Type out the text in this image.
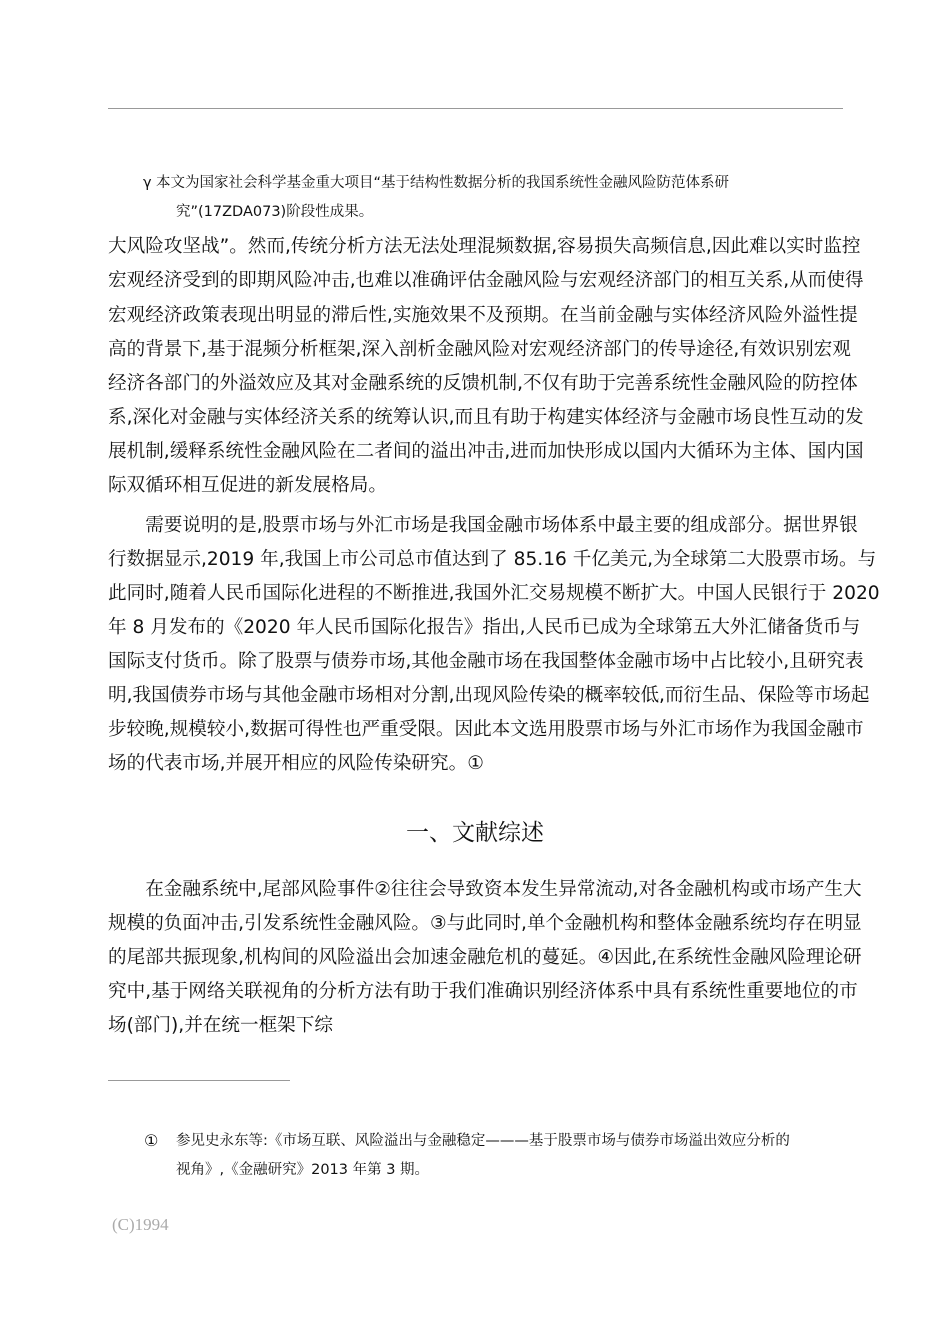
γ 本文为国家社会科学基金重大项目“基于结构性数据分析的我国系统性金融风险防范体系研
究”(17ZDA073)阶段性成果。
大风险攻坚战”。然而,传统分析方法无法处理混频数据,容易损失高频信息,因此难以实时监控
宏观经济受到的即期风险冲击,也难以准确评估金融风险与宏观经济部门的相互关系,从而使得
宏观经济政策表现出明显的滞后性,实施效果不及预期。在当前金融与实体经济风险外溢性提
高的背景下,基于混频分析框架,深入剖析金融风险对宏观经济部门的传导途径,有效识别宏观
经济各部门的外溢效应及其对金融系统的反馈机制,不仅有助于完善系统性金融风险的防控体
系,深化对金融与实体经济关系的统筹认识,而且有助于构建实体经济与金融市场良性互动的发
展机制,缓释系统性金融风险在二者间的溢出冲击,进而加快形成以国内大循环为主体、国内国
际双循环相互促进的新发展格局。
　　需要说明的是,股票市场与外汇市场是我国金融市场体系中最主要的组成部分。据世界银
行数据显示,2019 年,我国上市公司总市值达到了 85.16 千亿美元,为全球第二大股票市场。与
此同时,随着人民币国际化进程的不断推进,我国外汇交易规模不断扩大。中国人民银行于 2020
年 8 月发布的《2020 年人民币国际化报告》指出,人民币已成为全球第五大外汇储备货币与
国际支付货币。除了股票与债券市场,其他金融市场在我国整体金融市场中占比较小,且研究表
明,我国债券市场与其他金融市场相对分割,出现风险传染的概率较低,而衍生品、保险等市场起
步较晚,规模较小,数据可得性也严重受限。因此本文选用股票市场与外汇市场作为我国金融市
场的代表市场,并展开相应的风险传染研究。①
　　在金融系统中,尾部风险事件②往往会导致资本发生异常流动,对各金融机构或市场产生大
规模的负面冲击,引发系统性金融风险。③与此同时,单个金融机构和整体金融系统均存在明显
的尾部共振现象,机构间的风险溢出会加速金融危机的蔓延。④因此,在系统性金融风险理论研
究中,基于网络关联视角的分析方法有助于我们准确识别经济体系中具有系统性重要地位的市
场(部门),并在统一框架下综
一、文献综述
① 参见史永东等:《市场互联、风险溢出与金融稳定———基于股票市场与债券市场溢出效应分析的
视角》,《金融研究》2013 年第 3 期。
(C)1994
